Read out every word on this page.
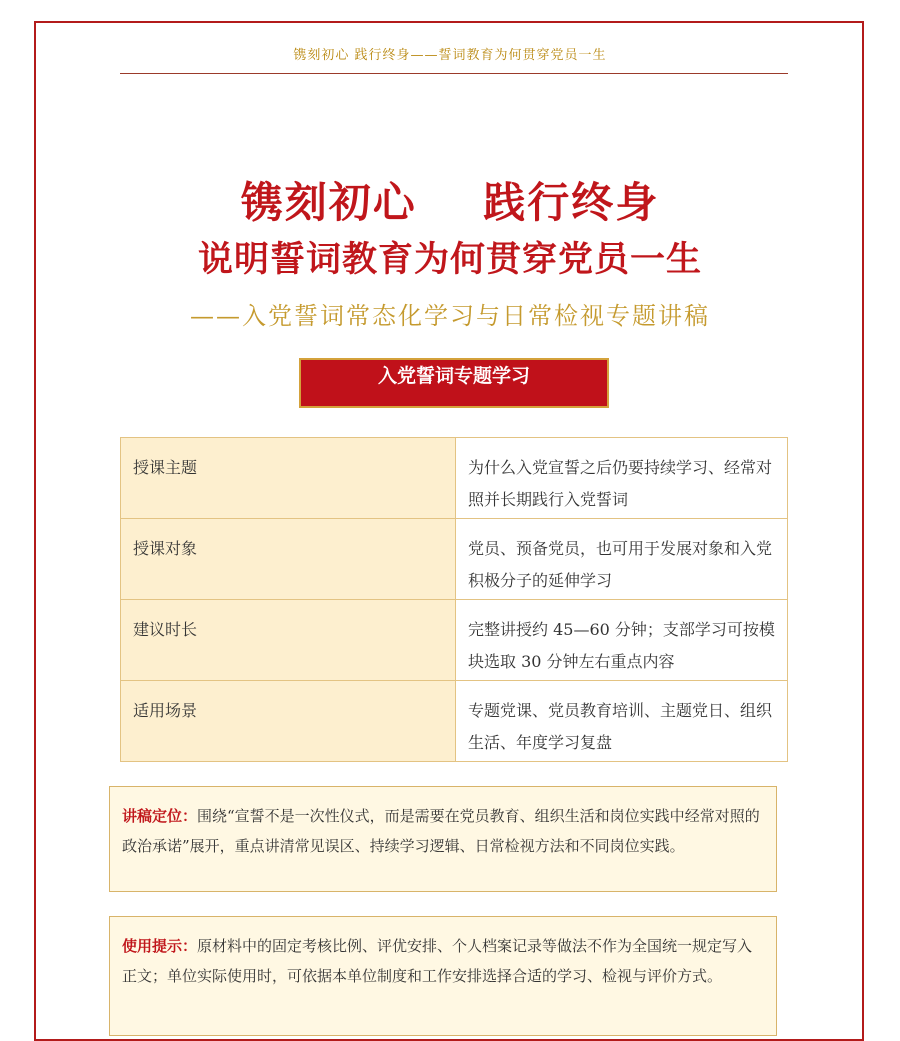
镌刻初心 践行终身——誓词教育为何贯穿党员一生
镌刻初心    践行终身
说明誓词教育为何贯穿党员一生
——入党誓词常态化学习与日常检视专题讲稿
入党誓词专题学习
授课主题	为什么入党宣誓之后仍要持续学习、经常对照并长期践行入党誓词
授课对象	党员、预备党员，也可用于发展对象和入党积极分子的延伸学习
建议时长	完整讲授约 45—60 分钟；支部学习可按模块选取 30 分钟左右重点内容
适用场景	专题党课、党员教育培训、主题党日、组织生活、年度学习复盘
讲稿定位：围绕“宣誓不是一次性仪式，而是需要在党员教育、组织生活和岗位实践中经常对照的政治承诺”展开，重点讲清常见误区、持续学习逻辑、日常检视方法和不同岗位实践。
使用提示：原材料中的固定考核比例、评优安排、个人档案记录等做法不作为全国统一规定写入正文；单位实际使用时，可依据本单位制度和工作安排选择合适的学习、检视与评价方式。
